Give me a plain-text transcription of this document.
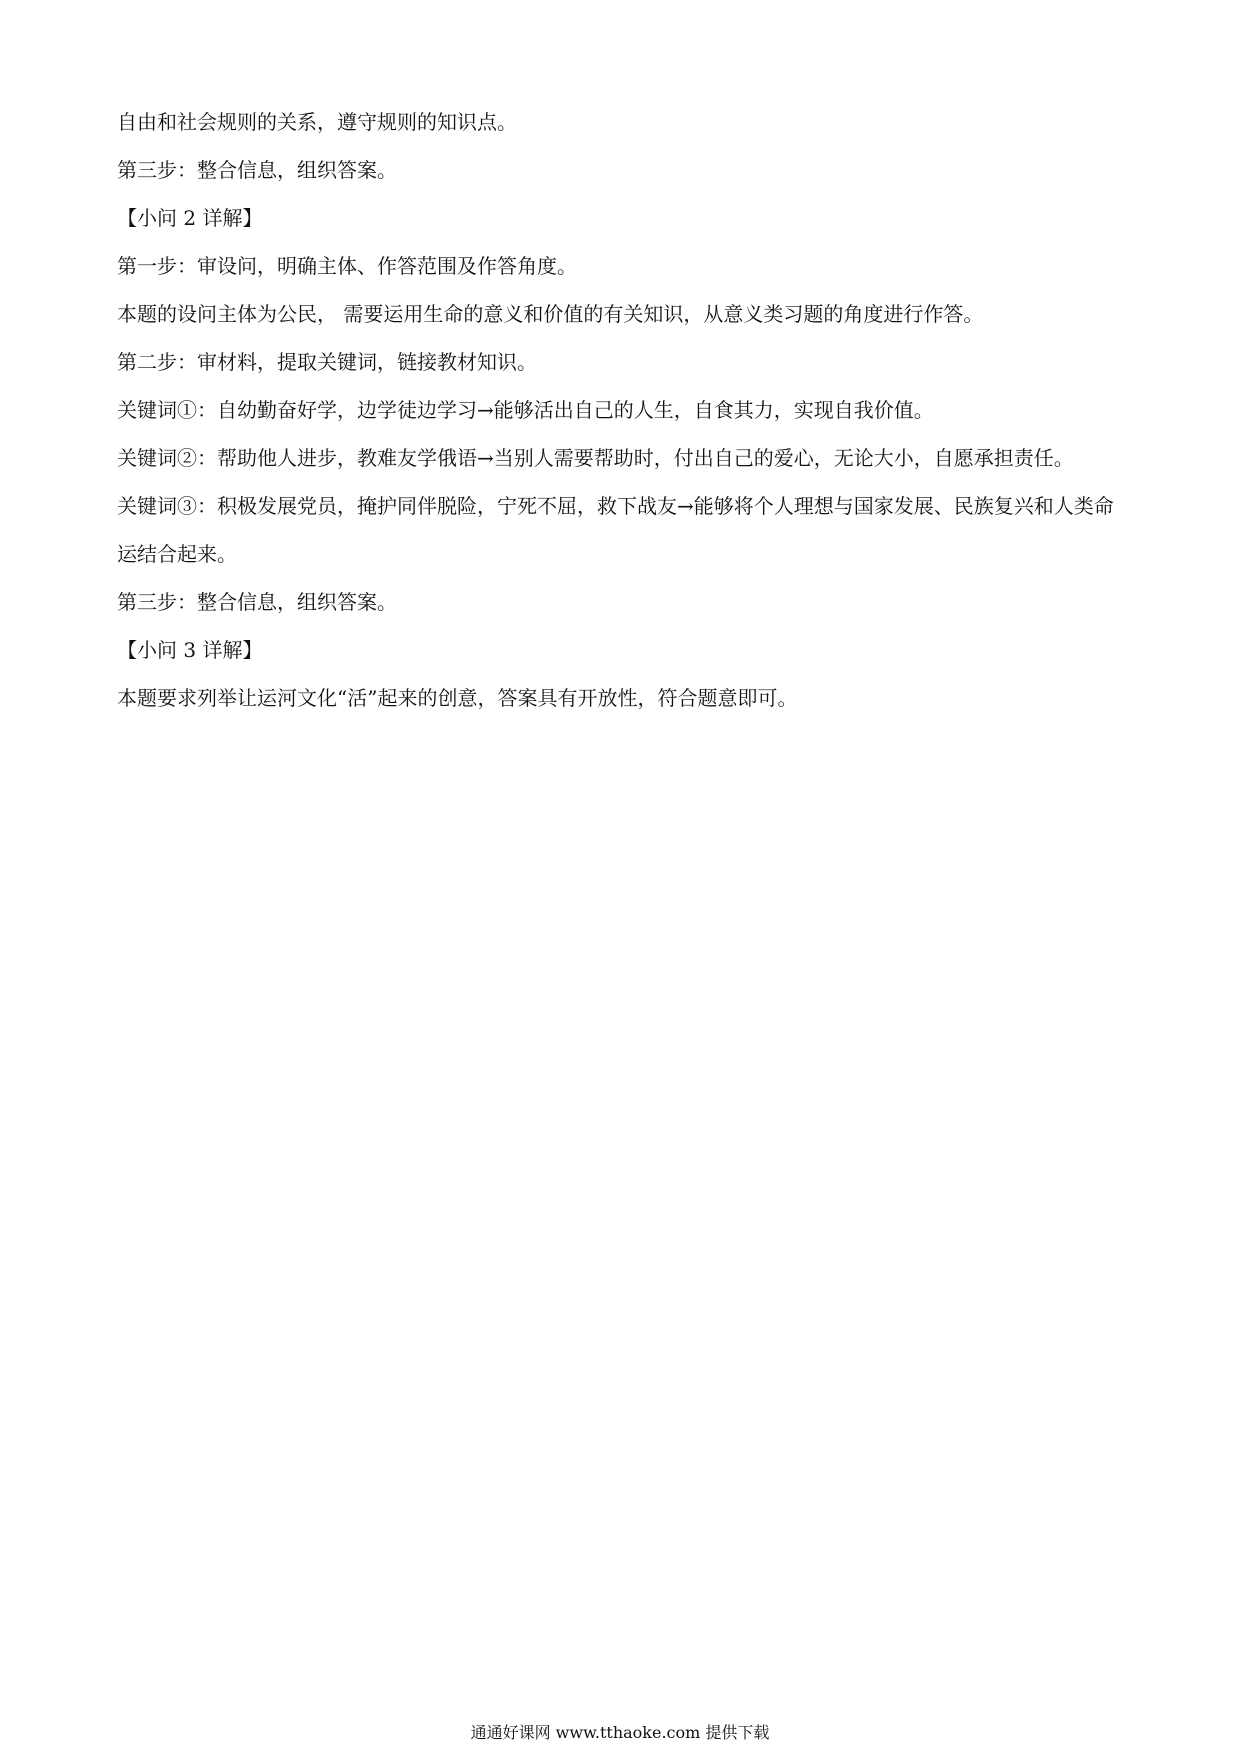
自由和社会规则的关系，遵守规则的知识点。

第三步：整合信息，组织答案。

【小问 2 详解】

第一步：审设问，明确主体、作答范围及作答角度。

本题的设问主体为公民， 需要运用生命的意义和价值的有关知识，从意义类习题的角度进行作答。

第二步：审材料，提取关键词，链接教材知识。

关键词①：自幼勤奋好学，边学徒边学习→能够活出自己的人生，自食其力，实现自我价值。

关键词②：帮助他人进步，教难友学俄语→当别人需要帮助时，付出自己的爱心，无论大小，自愿承担责任。

关键词③：积极发展党员，掩护同伴脱险，宁死不屈，救下战友→能够将个人理想与国家发展、民族复兴和人类命运结合起来。

第三步：整合信息，组织答案。

【小问 3 详解】

本题要求列举让运河文化“活”起来的创意，答案具有开放性，符合题意即可。

通通好课网 www.tthaoke.com 提供下载
